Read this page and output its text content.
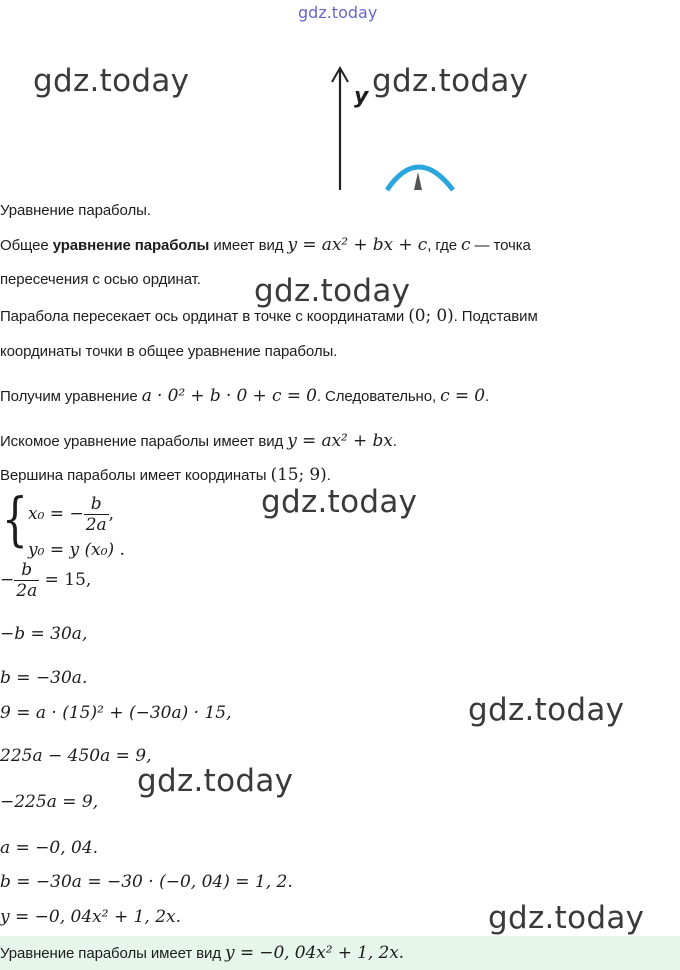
gdz.today
y
Уравнение параболы.
Общее уравнение параболы имеет вид y = ax² + bx + c, где c — точка
пересечения с осью ординат.
Парабола пересекает ось ординат в точке с координатами (0; 0). Подставим
координаты точки в общее уравнение параболы.
Получим уравнение a · 0² + b · 0 + c = 0. Следовательно, c = 0.
Искомое уравнение параболы имеет вид y = ax² + bx.
Вершина параболы имеет координаты (15; 9).
{ x₀ = − $\frac{b}{2a}$ ,
y₀ = y (x₀) .
− $\frac{b}{2a} = 15$,
−b = 30a,
b = −30a.
9 = a · (15)² + (−30a) · 15,
225a − 450a = 9,
−225a = 9,
a = −0, 04.
b = −30a = −30 · (−0, 04) = 1, 2.
y = −0, 04x² + 1, 2x.
Уравнение параболы имеет вид y = −0, 04x² + 1, 2x.
gdz.today	gdz.today
gdz.today
gdz.today
gdz.today
gdz.today
gdz.today
